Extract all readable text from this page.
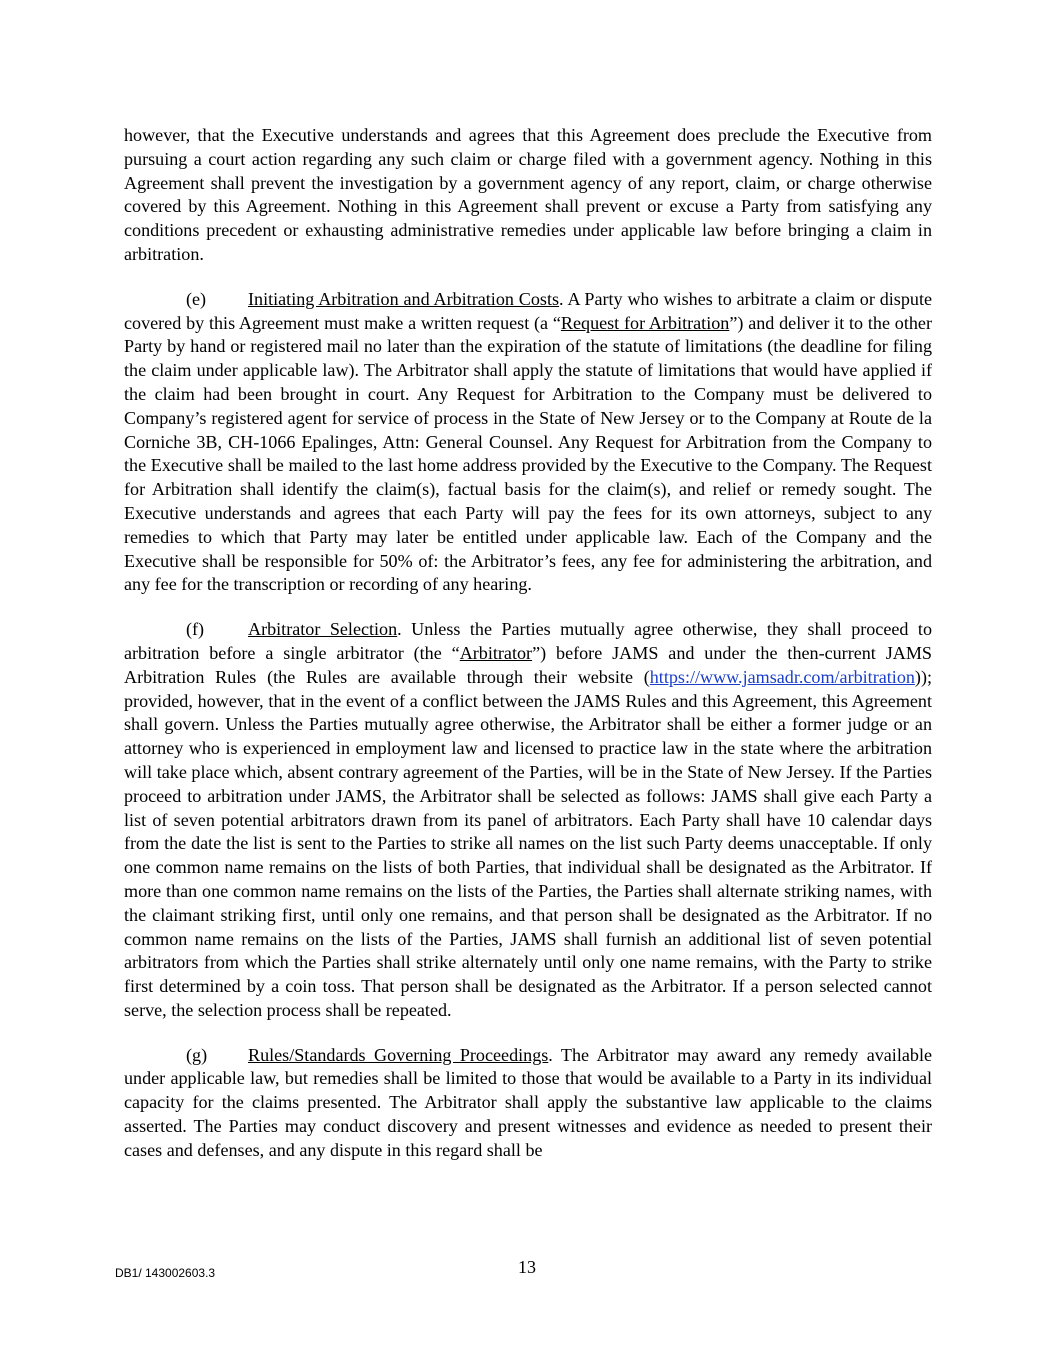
however, that the Executive understands and agrees that this Agreement does preclude the Executive from pursuing a court action regarding any such claim or charge filed with a government agency. Nothing in this Agreement shall prevent the investigation by a government agency of any report, claim, or charge otherwise covered by this Agreement. Nothing in this Agreement shall prevent or excuse a Party from satisfying any conditions precedent or exhausting administrative remedies under applicable law before bringing a claim in arbitration.

(e) Initiating Arbitration and Arbitration Costs. A Party who wishes to arbitrate a claim or dispute covered by this Agreement must make a written request (a “Request for Arbitration”) and deliver it to the other Party by hand or registered mail no later than the expiration of the statute of limitations (the deadline for filing the claim under applicable law). The Arbitrator shall apply the statute of limitations that would have applied if the claim had been brought in court. Any Request for Arbitration to the Company must be delivered to Company’s registered agent for service of process in the State of New Jersey or to the Company at Route de la Corniche 3B, CH-1066 Epalinges, Attn: General Counsel. Any Request for Arbitration from the Company to the Executive shall be mailed to the last home address provided by the Executive to the Company. The Request for Arbitration shall identify the claim(s), factual basis for the claim(s), and relief or remedy sought. The Executive understands and agrees that each Party will pay the fees for its own attorneys, subject to any remedies to which that Party may later be entitled under applicable law. Each of the Company and the Executive shall be responsible for 50% of: the Arbitrator’s fees, any fee for administering the arbitration, and any fee for the transcription or recording of any hearing.

(f) Arbitrator Selection. Unless the Parties mutually agree otherwise, they shall proceed to arbitration before a single arbitrator (the “Arbitrator”) before JAMS and under the then-current JAMS Arbitration Rules (the Rules are available through their website (https://www.jamsadr.com/arbitration)); provided, however, that in the event of a conflict between the JAMS Rules and this Agreement, this Agreement shall govern. Unless the Parties mutually agree otherwise, the Arbitrator shall be either a former judge or an attorney who is experienced in employment law and licensed to practice law in the state where the arbitration will take place which, absent contrary agreement of the Parties, will be in the State of New Jersey. If the Parties proceed to arbitration under JAMS, the Arbitrator shall be selected as follows: JAMS shall give each Party a list of seven potential arbitrators drawn from its panel of arbitrators. Each Party shall have 10 calendar days from the date the list is sent to the Parties to strike all names on the list such Party deems unacceptable. If only one common name remains on the lists of both Parties, that individual shall be designated as the Arbitrator. If more than one common name remains on the lists of the Parties, the Parties shall alternate striking names, with the claimant striking first, until only one remains, and that person shall be designated as the Arbitrator. If no common name remains on the lists of the Parties, JAMS shall furnish an additional list of seven potential arbitrators from which the Parties shall strike alternately until only one name remains, with the Party to strike first determined by a coin toss. That person shall be designated as the Arbitrator. If a person selected cannot serve, the selection process shall be repeated.

(g) Rules/Standards Governing Proceedings. The Arbitrator may award any remedy available under applicable law, but remedies shall be limited to those that would be available to a Party in its individual capacity for the claims presented. The Arbitrator shall apply the substantive law applicable to the claims asserted. The Parties may conduct discovery and present witnesses and evidence as needed to present their cases and defenses, and any dispute in this regard shall be

DB1/ 143002603.3	13
